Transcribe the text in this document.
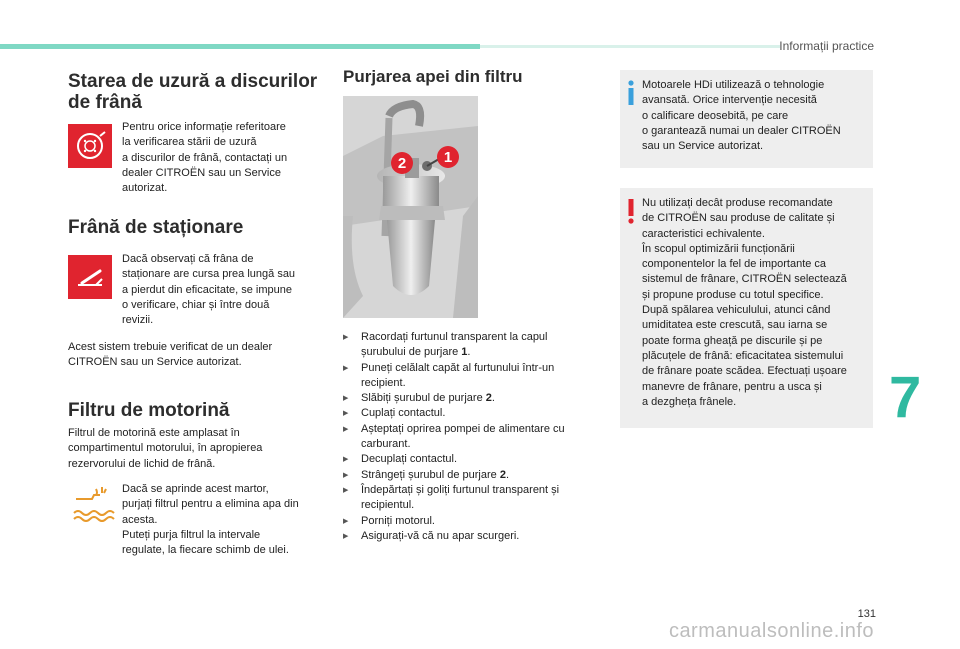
Informații practice
Starea de uzură a discurilor
de frână
Pentru orice informație referitoare
la verificarea stării de uzură
a discurilor de frână, contactați un
dealer CITROËN sau un Service
autorizat.
Frână de staționare
Dacă observați că frâna de
staționare are cursa prea lungă sau
a pierdut din eficacitate, se impune
o verificare, chiar și între două
revizii.
Acest sistem trebuie verificat de un dealer
CITROËN sau un Service autorizat.
Filtru de motorină
Filtrul de motorină este amplasat în
compartimentul motorului, în apropierea
rezervorului de lichid de frână.
Dacă se aprinde acest martor,
purjați filtrul pentru a elimina apa din
acesta.
Puteți purja filtrul la intervale
regulate, la fiecare schimb de ulei.
Purjarea apei din filtru
2	1
▶ Racordați furtunul transparent la capul
șurubului de purjare 1.
▶ Puneți celălalt capăt al furtunului într-un
recipient.
▶ Slăbiți șurubul de purjare 2.
▶ Cuplați contactul.
▶ Așteptați oprirea pompei de alimentare cu
carburant.
▶ Decuplați contactul.
▶ Strângeți șurubul de purjare 2.
▶ Îndepărtați și goliți furtunul transparent și
recipientul.
▶ Porniți motorul.
▶ Asigurați-vă că nu apar scurgeri.
Motoarele HDi utilizează o tehnologie
avansată. Orice intervenție necesită
o calificare deosebită, pe care
o garantează numai un dealer CITROËN
sau un Service autorizat.
Nu utilizați decât produse recomandate
de CITROËN sau produse de calitate și
caracteristici echivalente.
În scopul optimizării funcționării
componentelor la fel de importante ca
sistemul de frânare, CITROËN selectează
și propune produse cu totul specifice.
După spălarea vehiculului, atunci când
umiditatea este crescută, sau iarna se
poate forma gheață pe discurile și pe
plăcuțele de frână: eficacitatea sistemului
de frânare poate scădea. Efectuați ușoare
manevre de frânare, pentru a usca și
a dezgheța frânele.	7
131
carmanualsonline.info
